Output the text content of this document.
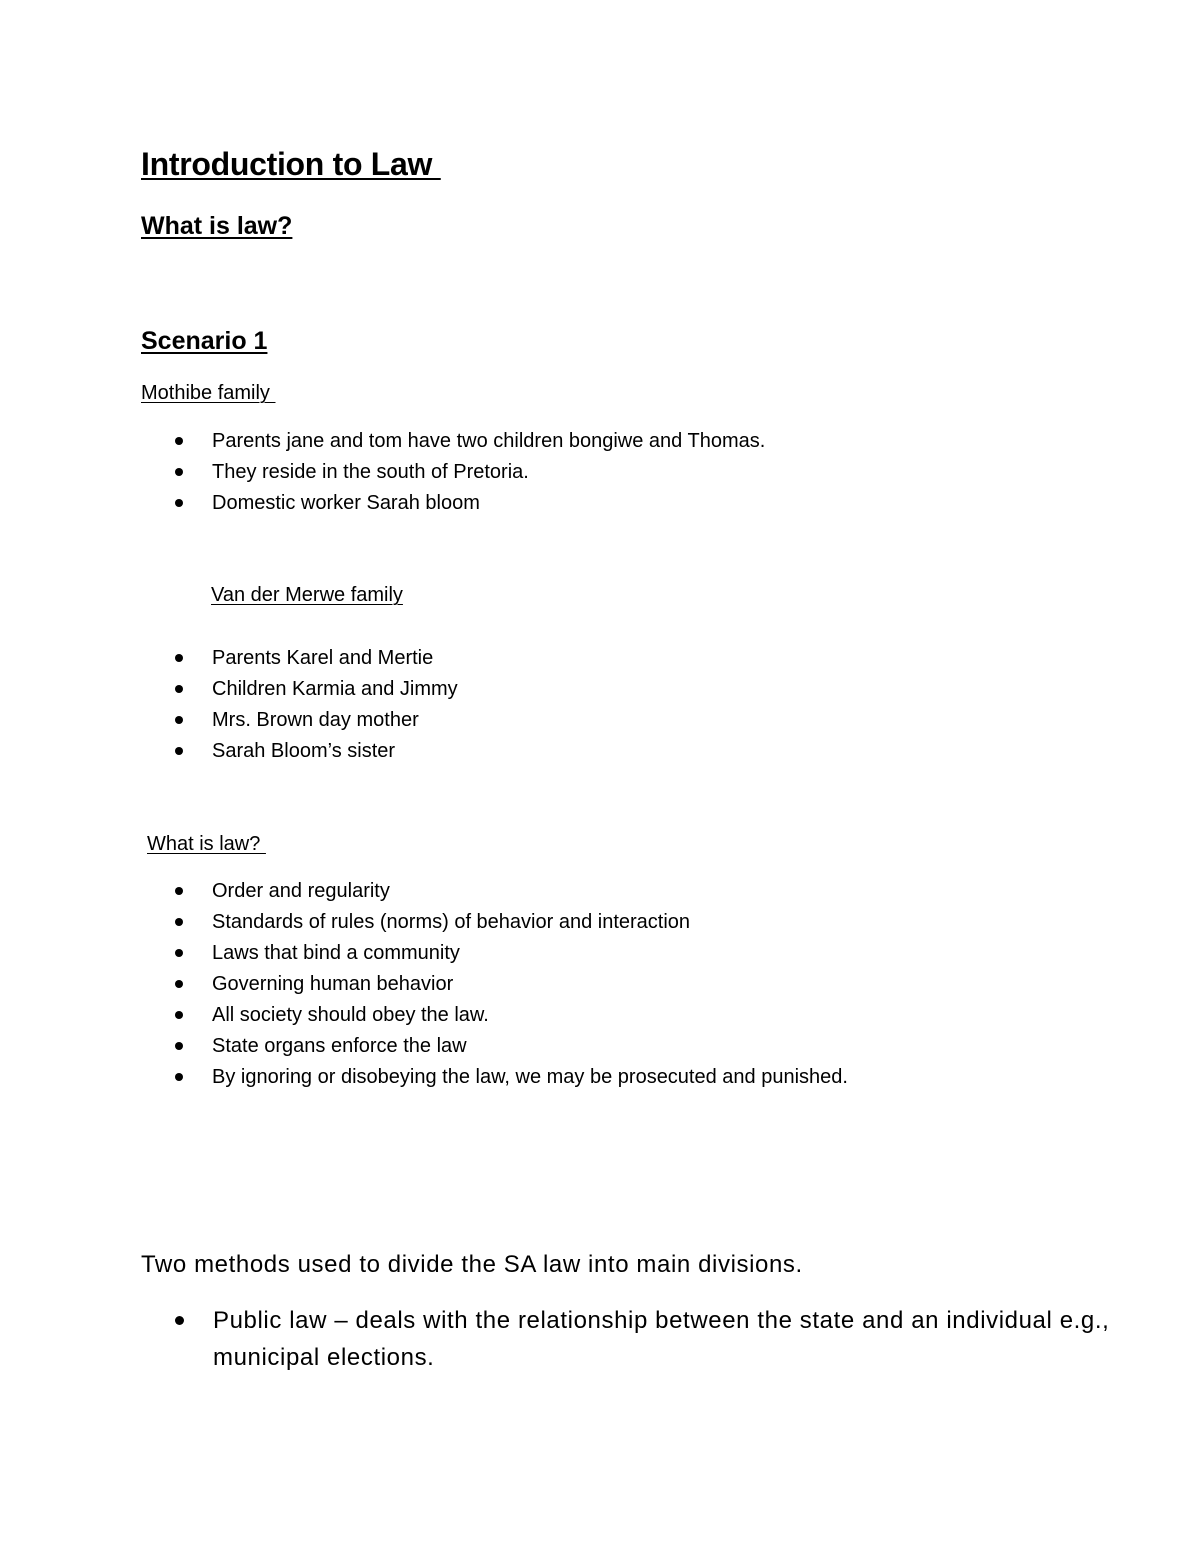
Introduction to Law
What is law?
Scenario 1
Mothibe family
Parents jane and tom have two children bongiwe and Thomas.
They reside in the south of Pretoria.
Domestic worker Sarah bloom
Van der Merwe family
Parents Karel and Mertie
Children Karmia and Jimmy
Mrs. Brown day mother
Sarah Bloom’s sister
What is law?
Order and regularity
Standards of rules (norms) of behavior and interaction
Laws that bind a community
Governing human behavior
All society should obey the law.
State organs enforce the law
By ignoring or disobeying the law, we may be prosecuted and punished.

Two methods used to divide the SA law into main divisions.

Public law – deals with the relationship between the state and an individual e.g., municipal elections.
